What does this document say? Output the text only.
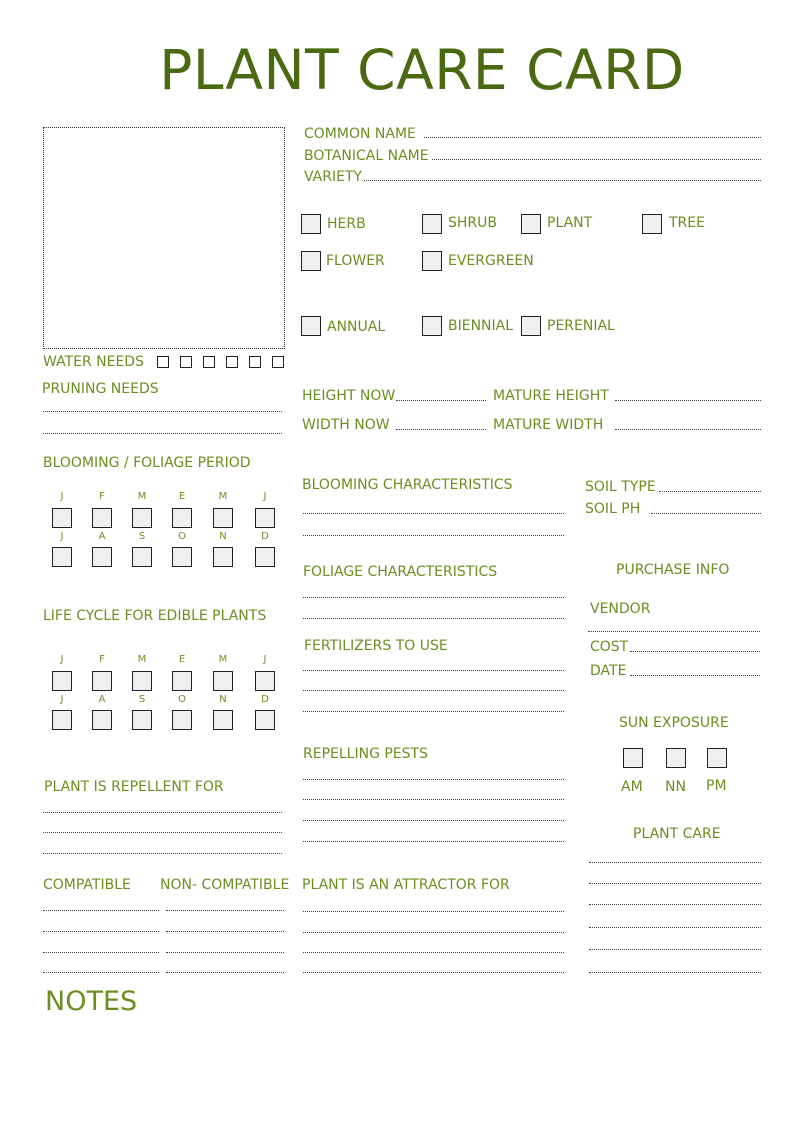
PLANT CARE CARD
COMMON NAME
BOTANICAL NAME
VARIETY
HERB	SHRUB	PLANT	TREE
FLOWER	EVERGREEN
ANNUAL	BIENNIAL PERENIAL
WATER NEEDS
PRUNING NEEDS	HEIGHT NOW	MATURE HEIGHT
WIDTH NOW	MATURE WIDTH
BLOOMING / FOLIAGE PERIOD
J	F	M	E	M	J
J	A	S	O	N	D
LIFE CYCLE FOR EDIBLE PLANTS
J	F	M	E	M	J
J	A	S	O	N	D
PLANT IS REPELLENT FOR
COMPATIBLE NON- COMPATIBLE
BLOOMING CHARACTERISTICS
FOLIAGE CHARACTERISTICS
FERTILIZERS TO USE
REPELLING PESTS
PLANT IS AN ATTRACTOR FOR
SOIL TYPE
SOIL PH
PURCHASE INFO
VENDOR
COST
DATE
SUN EXPOSURE
AM NN PM
PLANT CARE
NOTES
